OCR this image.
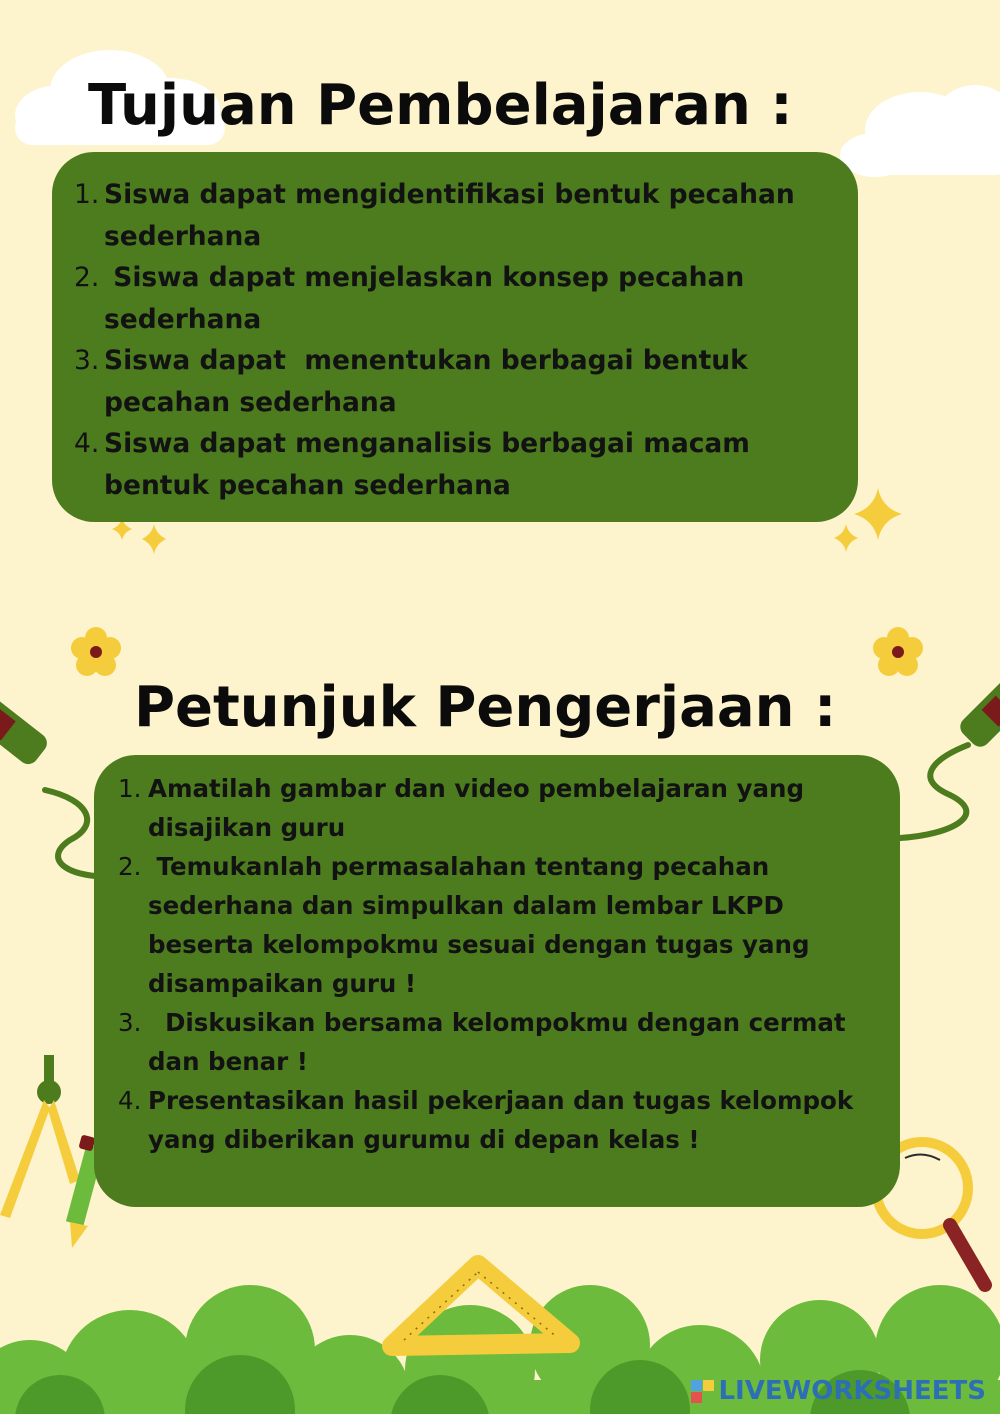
Tujuan Pembelajaran :
1. Siswa dapat mengidentifikasi bentuk pecahan sederhana
2. Siswa dapat menjelaskan konsep pecahan sederhana
3. Siswa dapat  menentukan berbagai bentuk pecahan sederhana
4. Siswa dapat menganalisis berbagai macam bentuk pecahan sederhana
Petunjuk Pengerjaan :
1. Amatilah gambar dan video pembelajaran yang disajikan guru
2. Temukanlah permasalahan tentang pecahan sederhana dan simpulkan dalam lembar LKPD beserta kelompokmu sesuai dengan tugas yang disampaikan guru !
3. Diskusikan bersama kelompokmu dengan cermat dan benar !
4. Presentasikan hasil pekerjaan dan tugas kelompok yang diberikan gurumu di depan kelas !
LIVEWORKSHEETS
